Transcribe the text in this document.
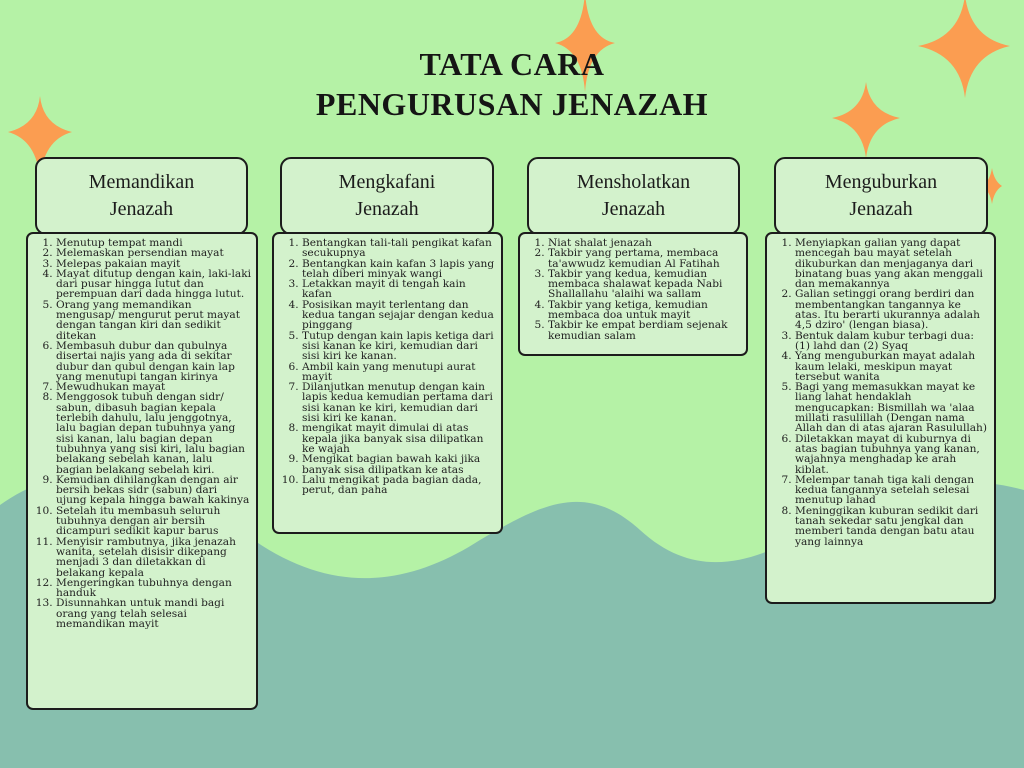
TATA CARA
PENGURUSAN JENAZAH
Memandikan
Jenazah
1. Menutup tempat mandi
2. Melemaskan persendian mayat
3. Melepas pakaian mayit
4. Mayat ditutup dengan kain, laki-laki dari pusar hingga lutut dan perempuan dari dada hingga lutut.
5. Orang yang memandikan mengusap/ mengurut perut mayat dengan tangan kiri dan sedikit ditekan
6. Membasuh dubur dan qubulnya disertai najis yang ada di sekitar dubur dan qubul dengan kain lap yang menutupi tangan kirinya
7. Mewudhukan mayat
8. Menggosok tubuh dengan sidr/ sabun, dibasuh bagian kepala terlebih dahulu, lalu jenggotnya, lalu bagian depan tubuhnya yang sisi kanan, lalu bagian depan tubuhnya yang sisi kiri, lalu bagian belakang sebelah kanan, lalu bagian belakang sebelah kiri.
9. Kemudian dihilangkan dengan air bersih bekas sidr (sabun) dari ujung kepala hingga bawah kakinya
10. Setelah itu membasuh seluruh tubuhnya dengan air bersih dicampuri sedikit kapur barus
11. Menyisir rambutnya, jika jenazah wanita, setelah disisir dikepang menjadi 3 dan diletakkan di belakang kepala
12. Mengeringkan tubuhnya dengan handuk
13. Disunnahkan untuk mandi bagi orang yang telah selesai memandikan mayit
Mengkafani
Jenazah
1. Bentangkan tali-tali pengikat kafan secukupnya
2. Bentangkan kain kafan 3 lapis yang telah diberi minyak wangi
3. Letakkan mayit di tengah kain kafan
4. Posisikan mayit terlentang dan kedua tangan sejajar dengan kedua pinggang
5. Tutup dengan kain lapis ketiga dari sisi kanan ke kiri, kemudian dari sisi kiri ke kanan.
6. Ambil kain yang menutupi aurat mayit
7. Dilanjutkan menutup dengan kain lapis kedua kemudian pertama dari sisi kanan ke kiri, kemudian dari sisi kiri ke kanan.
8. mengikat mayit dimulai di atas kepala jika banyak sisa dilipatkan ke wajah
9. Mengikat bagian bawah kaki jika banyak sisa dilipatkan ke atas
10. Lalu mengikat pada bagian dada, perut, dan paha
Mensholatkan
Jenazah
1. Niat shalat jenazah
2. Takbir yang pertama, membaca ta'awwudz kemudian Al Fatihah
3. Takbir yang kedua, kemudian membaca shalawat kepada Nabi Shallallahu 'alaihi wa sallam
4. Takbir yang ketiga, kemudian membaca doa untuk mayit
5. Takbir ke empat berdiam sejenak kemudian salam
Menguburkan
Jenazah
1. Menyiapkan galian yang dapat mencegah bau mayat setelah dikuburkan dan menjaganya dari binatang buas yang akan menggali dan memakannya
2. Galian setinggi orang berdiri dan membentangkan tangannya ke atas. Itu berarti ukurannya adalah 4,5 dziro' (lengan biasa).
3. Bentuk dalam kubur terbagi dua: (1) lahd dan (2) Syaq
4. Yang menguburkan mayat adalah kaum lelaki, meskipun mayat tersebut wanita
5. Bagi yang memasukkan mayat ke liang lahat hendaklah mengucapkan: Bismillah wa 'alaa millati rasulillah (Dengan nama Allah dan di atas ajaran Rasulullah)
6. Diletakkan mayat di kuburnya di atas bagian tubuhnya yang kanan, wajahnya menghadap ke arah kiblat.
7. Melempar tanah tiga kali dengan kedua tangannya setelah selesai menutup lahad
8. Meninggikan kuburan sedikit dari tanah sekedar satu jengkal dan memberi tanda dengan batu atau yang lainnya
